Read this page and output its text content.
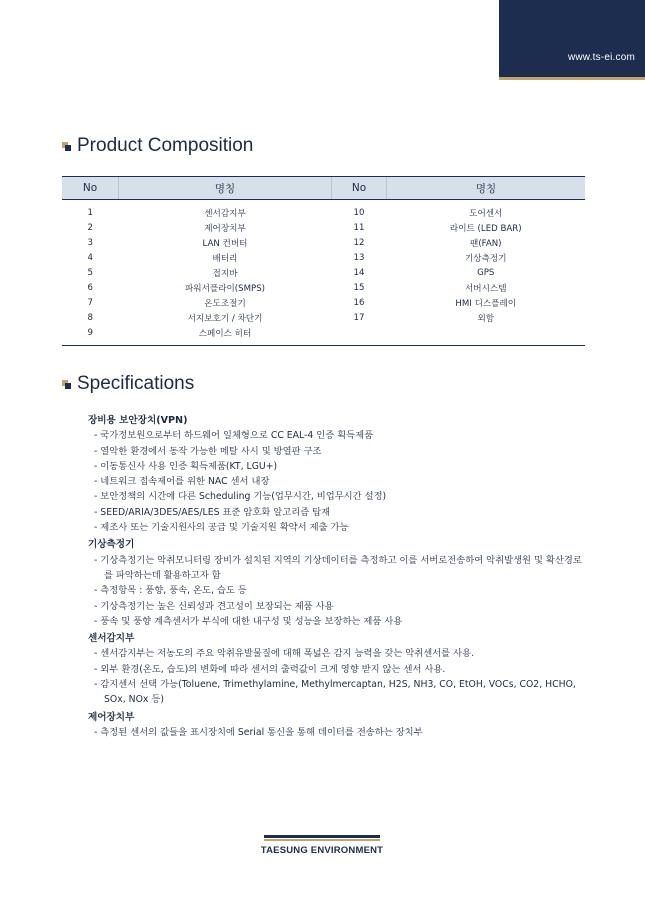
www.ts-ei.com
Product Composition
No	명칭	No	명칭
1	센서감지부	10	도어센서
2	제어장치부	11	라이트 (LED BAR)
3	LAN 컨버터	12	팬(FAN)
4	배터리	13	기상측정기
5	접지바	14	GPS
6	파워서플라이(SMPS)	15	서버시스템
7	온도조절기	16	HMI 디스플레이
8	서지보호기 / 차단기	17	외함
9	스페이스 히터		
Specifications
장비용 보안장치(VPN)
- 국가정보원으로부터 하드웨어 일체형으로 CC EAL-4 인증 획득제품
- 열악한 환경에서 동작 가능한 메탈 사시 및 방열판 구조
- 이동통신사 사용 인증 획득제품(KT, LGU+)
- 네트워크 접속제어를 위한 NAC 센서 내장
- 보안정책의 시간에 다른 Scheduling 기능(업무시간, 비업무시간 설정)
- SEED/ARIA/3DES/AES/LES 표준 암호화 알고리즘 탑재
- 제조사 또는 기술지원사의 공급 및 기술지원 확약서 제출 가능
기상측정기
- 기상측정기는 악취모니터링 장비가 설치된 지역의 기상데이터를 측정하고 이를 서버로전송하여 악취발생원 및 확산경로를 파악하는데 활용하고자 함
- 측정항목 : 풍향, 풍속, 온도, 습도 등
- 기상측정기는 높은 신뢰성과 견고성이 보장되는 제품 사용
- 풍속 및 풍향 계측센서가 부식에 대한 내구성 및 성능을 보장하는 제품 사용
센서감지부
- 센서감지부는 저농도의 주요 악취유발물질에 대해 폭넓은 감지 능력을 갖는 악취센서를 사용.
- 외부 환경(온도, 습도)의 변화에 따라 센서의 출력값이 크게 영향 받지 않는 센서 사용.
- 감지센서 선택 가능(Toluene, Trimethylamine, Methylmercaptan, H2S, NH3, CO, EtOH, VOCs, CO2, HCHO, SOx, NOx 등)
제어장치부
- 측정된 센서의 값들을 표시장치에 Serial 통신을 통해 데이터를 전송하는 장치부
TAESUNG ENVIRONMENT
